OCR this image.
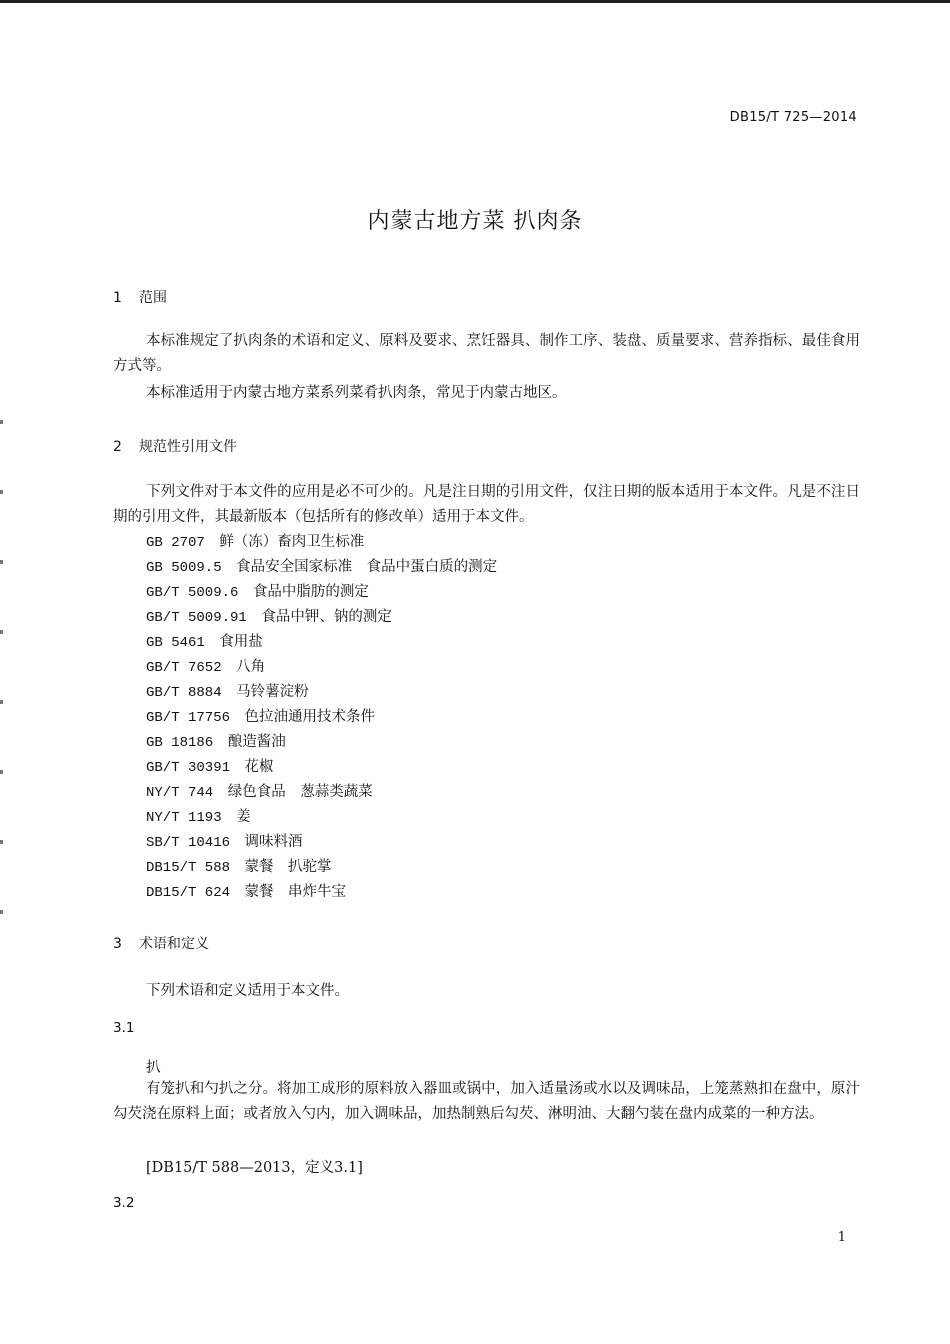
DB15/T 725—2014
内蒙古地方菜 扒肉条
1 范围

本标准规定了扒肉条的术语和定义、原料及要求、烹饪器具、制作工序、装盘、质量要求、营养指标、最佳食用方式等。

本标准适用于内蒙古地方菜系列菜肴扒肉条，常见于内蒙古地区。

2 规范性引用文件

下列文件对于本文件的应用是必不可少的。凡是注日期的引用文件，仅注日期的版本适用于本文件。凡是不注日期的引用文件，其最新版本（包括所有的修改单）适用于本文件。

GB 2707　 鲜（冻）畜肉卫生标准
GB 5009.5　 食品安全国家标准　食品中蛋白质的测定
GB/T 5009.6　 食品中脂肪的测定
GB/T 5009.91　 食品中钾、钠的测定
GB 5461　 食用盐
GB/T 7652　 八角
GB/T 8884　 马铃薯淀粉
GB/T 17756　 色拉油通用技术条件
GB 18186　 酿造酱油
GB/T 30391　 花椒
NY/T 744　 绿色食品　葱蒜类蔬菜
NY/T 1193　 姜
SB/T 10416　 调味料酒
DB15/T 588　 蒙餐　扒驼掌
DB15/T 624　 蒙餐　串炸牛宝
3 术语和定义

下列术语和定义适用于本文件。

3.1
扒

有笼扒和勺扒之分。将加工成形的原料放入器皿或锅中，加入适量汤或水以及调味品，上笼蒸熟扣在盘中，原汁勾芡浇在原料上面；或者放入勺内，加入调味品，加热制熟后勾芡、淋明油、大翻勺装在盘内成菜的一种方法。

[DB15/T 588—2013，定义3.1]
3.2
1
